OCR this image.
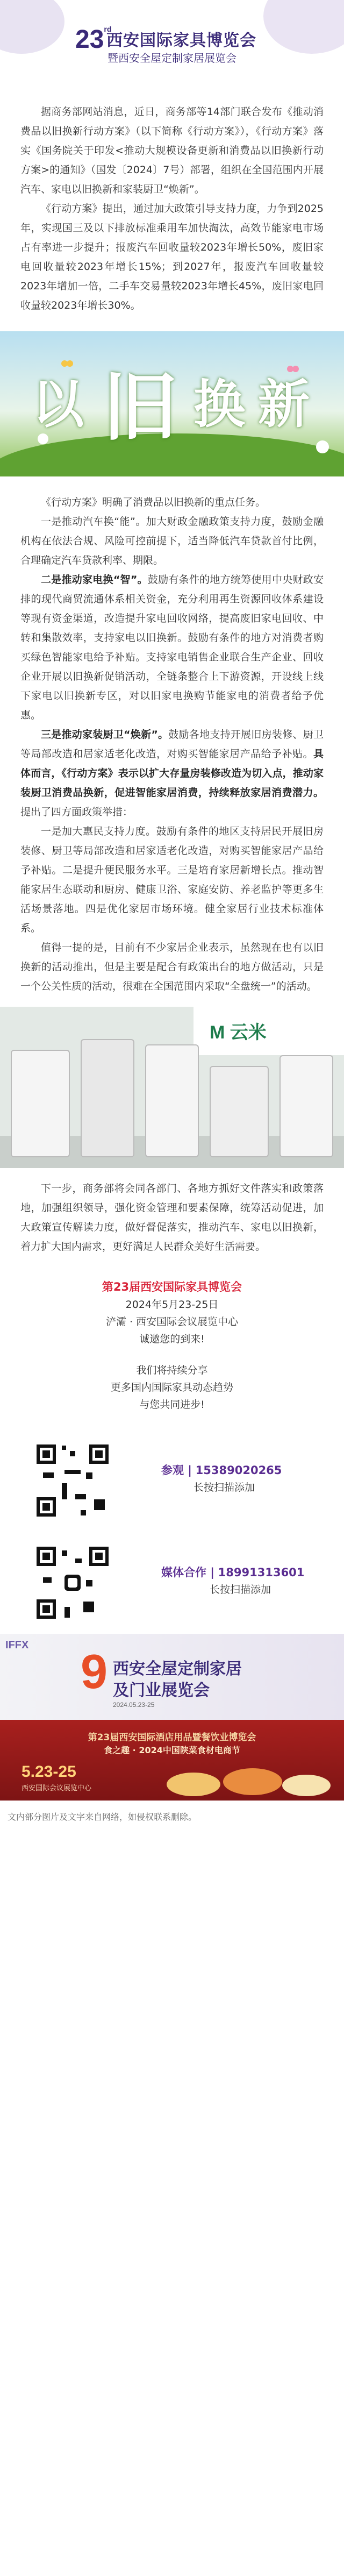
23rd
西安国际家具博览会
暨西安全屋定制家居展览会

据商务部网站消息，近日，商务部等14部门联合发布《推动消费品以旧换新行动方案》（以下简称《行动方案》），《行动方案》落实《国务院关于印发<推动大规模设备更新和消费品以旧换新行动方案>的通知》（国发〔2024〕7号）部署，组织在全国范围内开展汽车、家电以旧换新和家装厨卫“焕新”。

《行动方案》提出，通过加大政策引导支持力度，力争到2025年，实现国三及以下排放标准乘用车加快淘汰，高效节能家电市场占有率进一步提升；报废汽车回收量较2023年增长50%，废旧家电回收量较2023年增长15%；到2027年，报废汽车回收量较2023年增加一倍，二手车交易量较2023年增长45%，废旧家电回收量较2023年增长30%。

以 旧 换 新

《行动方案》明确了消费品以旧换新的重点任务。

一是推动汽车换“能”。加大财政金融政策支持力度，鼓励金融机构在依法合规、风险可控前提下，适当降低汽车贷款首付比例，合理确定汽车贷款利率、期限。

二是推动家电换“智”。鼓励有条件的地方统筹使用中央财政安排的现代商贸流通体系相关资金，充分利用再生资源回收体系建设等现有资金渠道，改造提升家电回收网络，提高废旧家电回收、中转和集散效率，支持家电以旧换新。鼓励有条件的地方对消费者购买绿色智能家电给予补贴。支持家电销售企业联合生产企业、回收企业开展以旧换新促销活动，全链条整合上下游资源，开设线上线下家电以旧换新专区，对以旧家电换购节能家电的消费者给予优惠。

三是推动家装厨卫“焕新”。鼓励各地支持开展旧房装修、厨卫等局部改造和居家适老化改造，对购买智能家居产品给予补贴。具体而言，《行动方案》表示以扩大存量房装修改造为切入点，推动家装厨卫消费品换新，促进智能家居消费，持续释放家居消费潜力。提出了四方面政策举措：

一是加大惠民支持力度。鼓励有条件的地区支持居民开展旧房装修、厨卫等局部改造和居家适老化改造，对购买智能家居产品给予补贴。二是提升便民服务水平。三是培育家居新增长点。推动智能家居生态联动和厨房、健康卫浴、家庭安防、养老监护等更多生活场景落地。四是优化家居市场环境。健全家居行业技术标准体系。

值得一提的是，目前有不少家居企业表示，虽然现在也有以旧换新的活动推出，但是主要是配合有政策出台的地方做活动，只是一个公关性质的活动，很难在全国范围内采取“全盘统一”的活动。

M 云米

下一步，商务部将会同各部门、各地方抓好文件落实和政策落地，加强组织领导，强化资金管理和要素保障，统筹活动促进，加大政策宣传解读力度，做好督促落实，推动汽车、家电以旧换新，着力扩大国内需求，更好满足人民群众美好生活需要。

第23届西安国际家具博览会
2024年5月23-25日
浐灞 · 西安国际会议展览中心
诚邀您的到来!
我们将持续分享
更多国内国际家具动态趋势
与您共同进步!
参观 | 15389020265
长按扫描添加
媒体合作 | 18991313601
长按扫描添加
IFFX 9 西安全屋定制家居
及门业展览会
2024.05.23-25
第23届西安国际酒店用品暨餐饮业博览会
食之趣 · 2024中国陕菜食材电商节
5.23-25
西安国际会议展览中心
文内部分图片及文字来自网络，如侵权联系删除。
